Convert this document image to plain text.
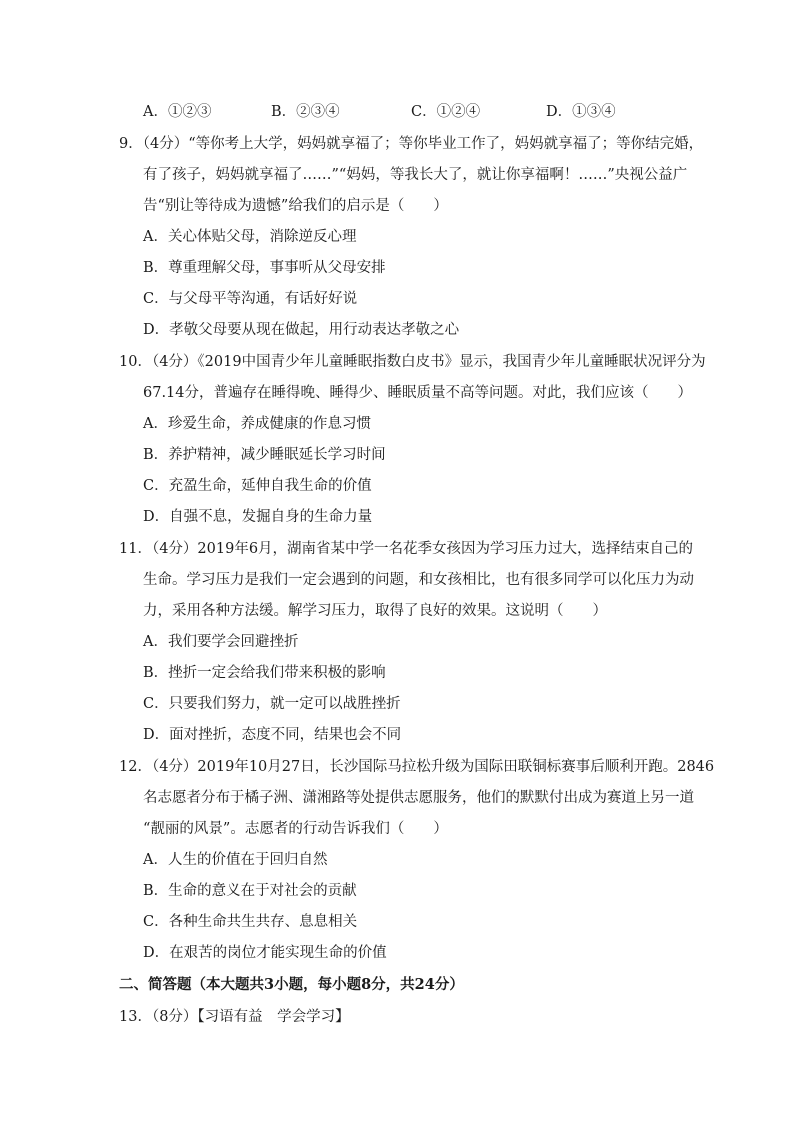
A．①②③	B．②③④	C．①②④	D．①③④
9．（4分）“等你考上大学，妈妈就享福了；等你毕业工作了，妈妈就享福了；等你结完婚，
有了孩子，妈妈就享福了……”“妈妈，等我长大了，就让你享福啊！……”央视公益广
告“别让等待成为遗憾”给我们的启示是（　　）
A．关心体贴父母，消除逆反心理
B．尊重理解父母，事事听从父母安排
C．与父母平等沟通，有话好好说
D．孝敬父母要从现在做起，用行动表达孝敬之心
10．（4分）《2019中国青少年儿童睡眠指数白皮书》显示，我国青少年儿童睡眠状况评分为
67.14分，普遍存在睡得晚、睡得少、睡眠质量不高等问题。对此，我们应该（　　）
A．珍爱生命，养成健康的作息习惯
B．养护精神，减少睡眠延长学习时间
C．充盈生命，延伸自我生命的价值
D．自强不息，发掘自身的生命力量
11．（4分）2019年6月，湖南省某中学一名花季女孩因为学习压力过大，选择结束自己的
生命。学习压力是我们一定会遇到的问题，和女孩相比，也有很多同学可以化压力为动
力，采用各种方法缓。解学习压力，取得了良好的效果。这说明（　　）
A．我们要学会回避挫折
B．挫折一定会给我们带来积极的影响
C．只要我们努力，就一定可以战胜挫折
D．面对挫折，态度不同，结果也会不同
12．（4分）2019年10月27日，长沙国际马拉松升级为国际田联铜标赛事后顺利开跑。2846
名志愿者分布于橘子洲、潇湘路等处提供志愿服务，他们的默默付出成为赛道上另一道
“靓丽的风景”。志愿者的行动告诉我们（　　）
A．人生的价值在于回归自然
B．生命的意义在于对社会的贡献
C．各种生命共生共存、息息相关
D．在艰苦的岗位才能实现生命的价值
二、简答题（本大题共3小题，每小题8分，共24分）
13．（8分）【习语有益　学会学习】
